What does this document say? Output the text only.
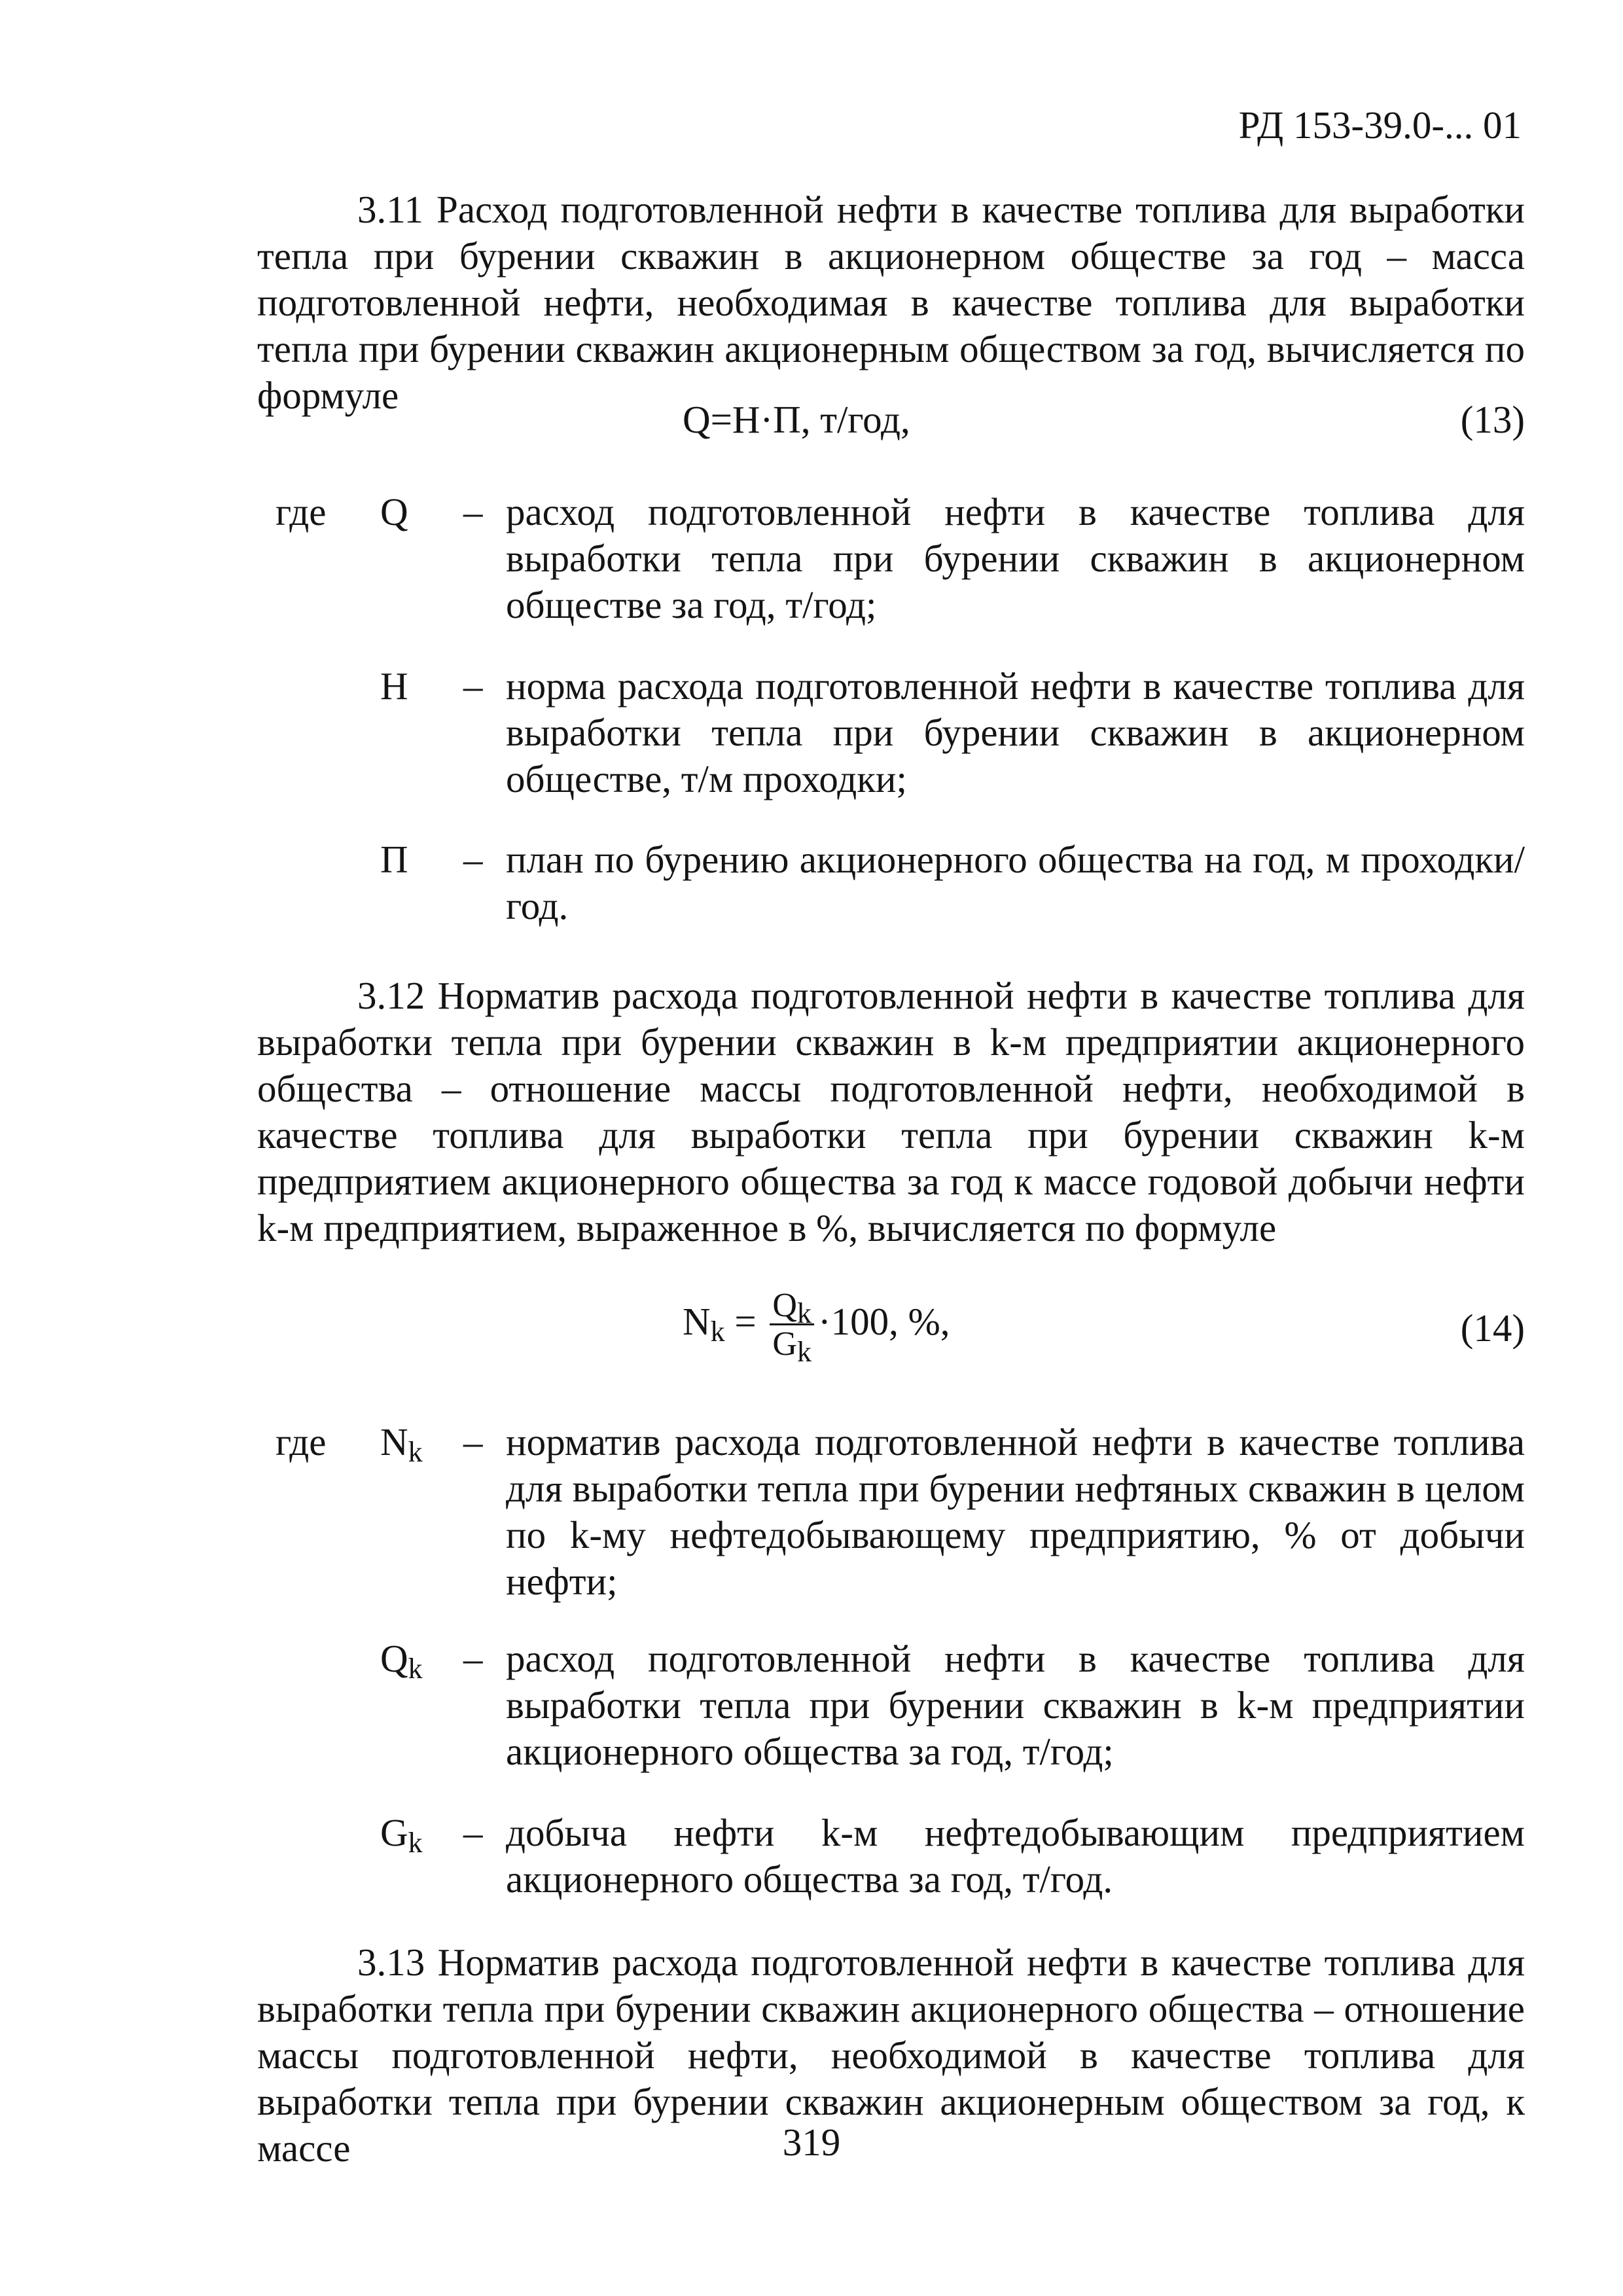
РД 153-39.0-... 01

3.11 Расход подготовленной нефти в качестве топлива для выработки тепла при бурении скважин в акционерном обществе за год – масса подготовленной нефти, необходимая в качестве топлива для выработки тепла при бурении скважин акционерным обществом за год, вычисляется по формуле

Q=Н·П, т/год,	(13)
где Q – расход подготовленной нефти в качестве топлива для выработки тепла при бурении скважин в акционерном обществе за год, т/год;
Н – норма расхода подготовленной нефти в качестве топлива для выработки тепла при бурении скважин в акционерном обществе, т/м проходки;
П – план по бурению акционерного общества на год, м проходки/год.

3.12 Норматив расхода подготовленной нефти в качестве топлива для выработки тепла при бурении скважин в k-м предприятии акционерного общества – отношение массы подготовленной нефти, необходимой в качестве топлива для выработки тепла при бурении скважин k-м предприятием акционерного общества за год к массе годовой добычи нефти k-м предприятием, выраженное в %, вычисляется по формуле

$N_k = \frac{Q_k}{G_k} \cdot 100$, %,	(14)
где $N_k$ – норматив расхода подготовленной нефти в качестве топлива для выработки тепла при бурении нефтяных скважин в целом по k-му нефтедобывающему предприятию, % от добычи нефти;
$Q_k$ – расход подготовленной нефти в качестве топлива для выработки тепла при бурении скважин в k-м предприятии акционерного общества за год, т/год;
$G_k$ – добыча нефти k-м нефтедобывающим предприятием акционерного общества за год, т/год.

3.13 Норматив расхода подготовленной нефти в качестве топлива для выработки тепла при бурении скважин акционерного общества – отношение массы подготовленной нефти, необходимой в качестве топлива для выработки тепла при бурении скважин акционерным обществом за год, к массе	319
